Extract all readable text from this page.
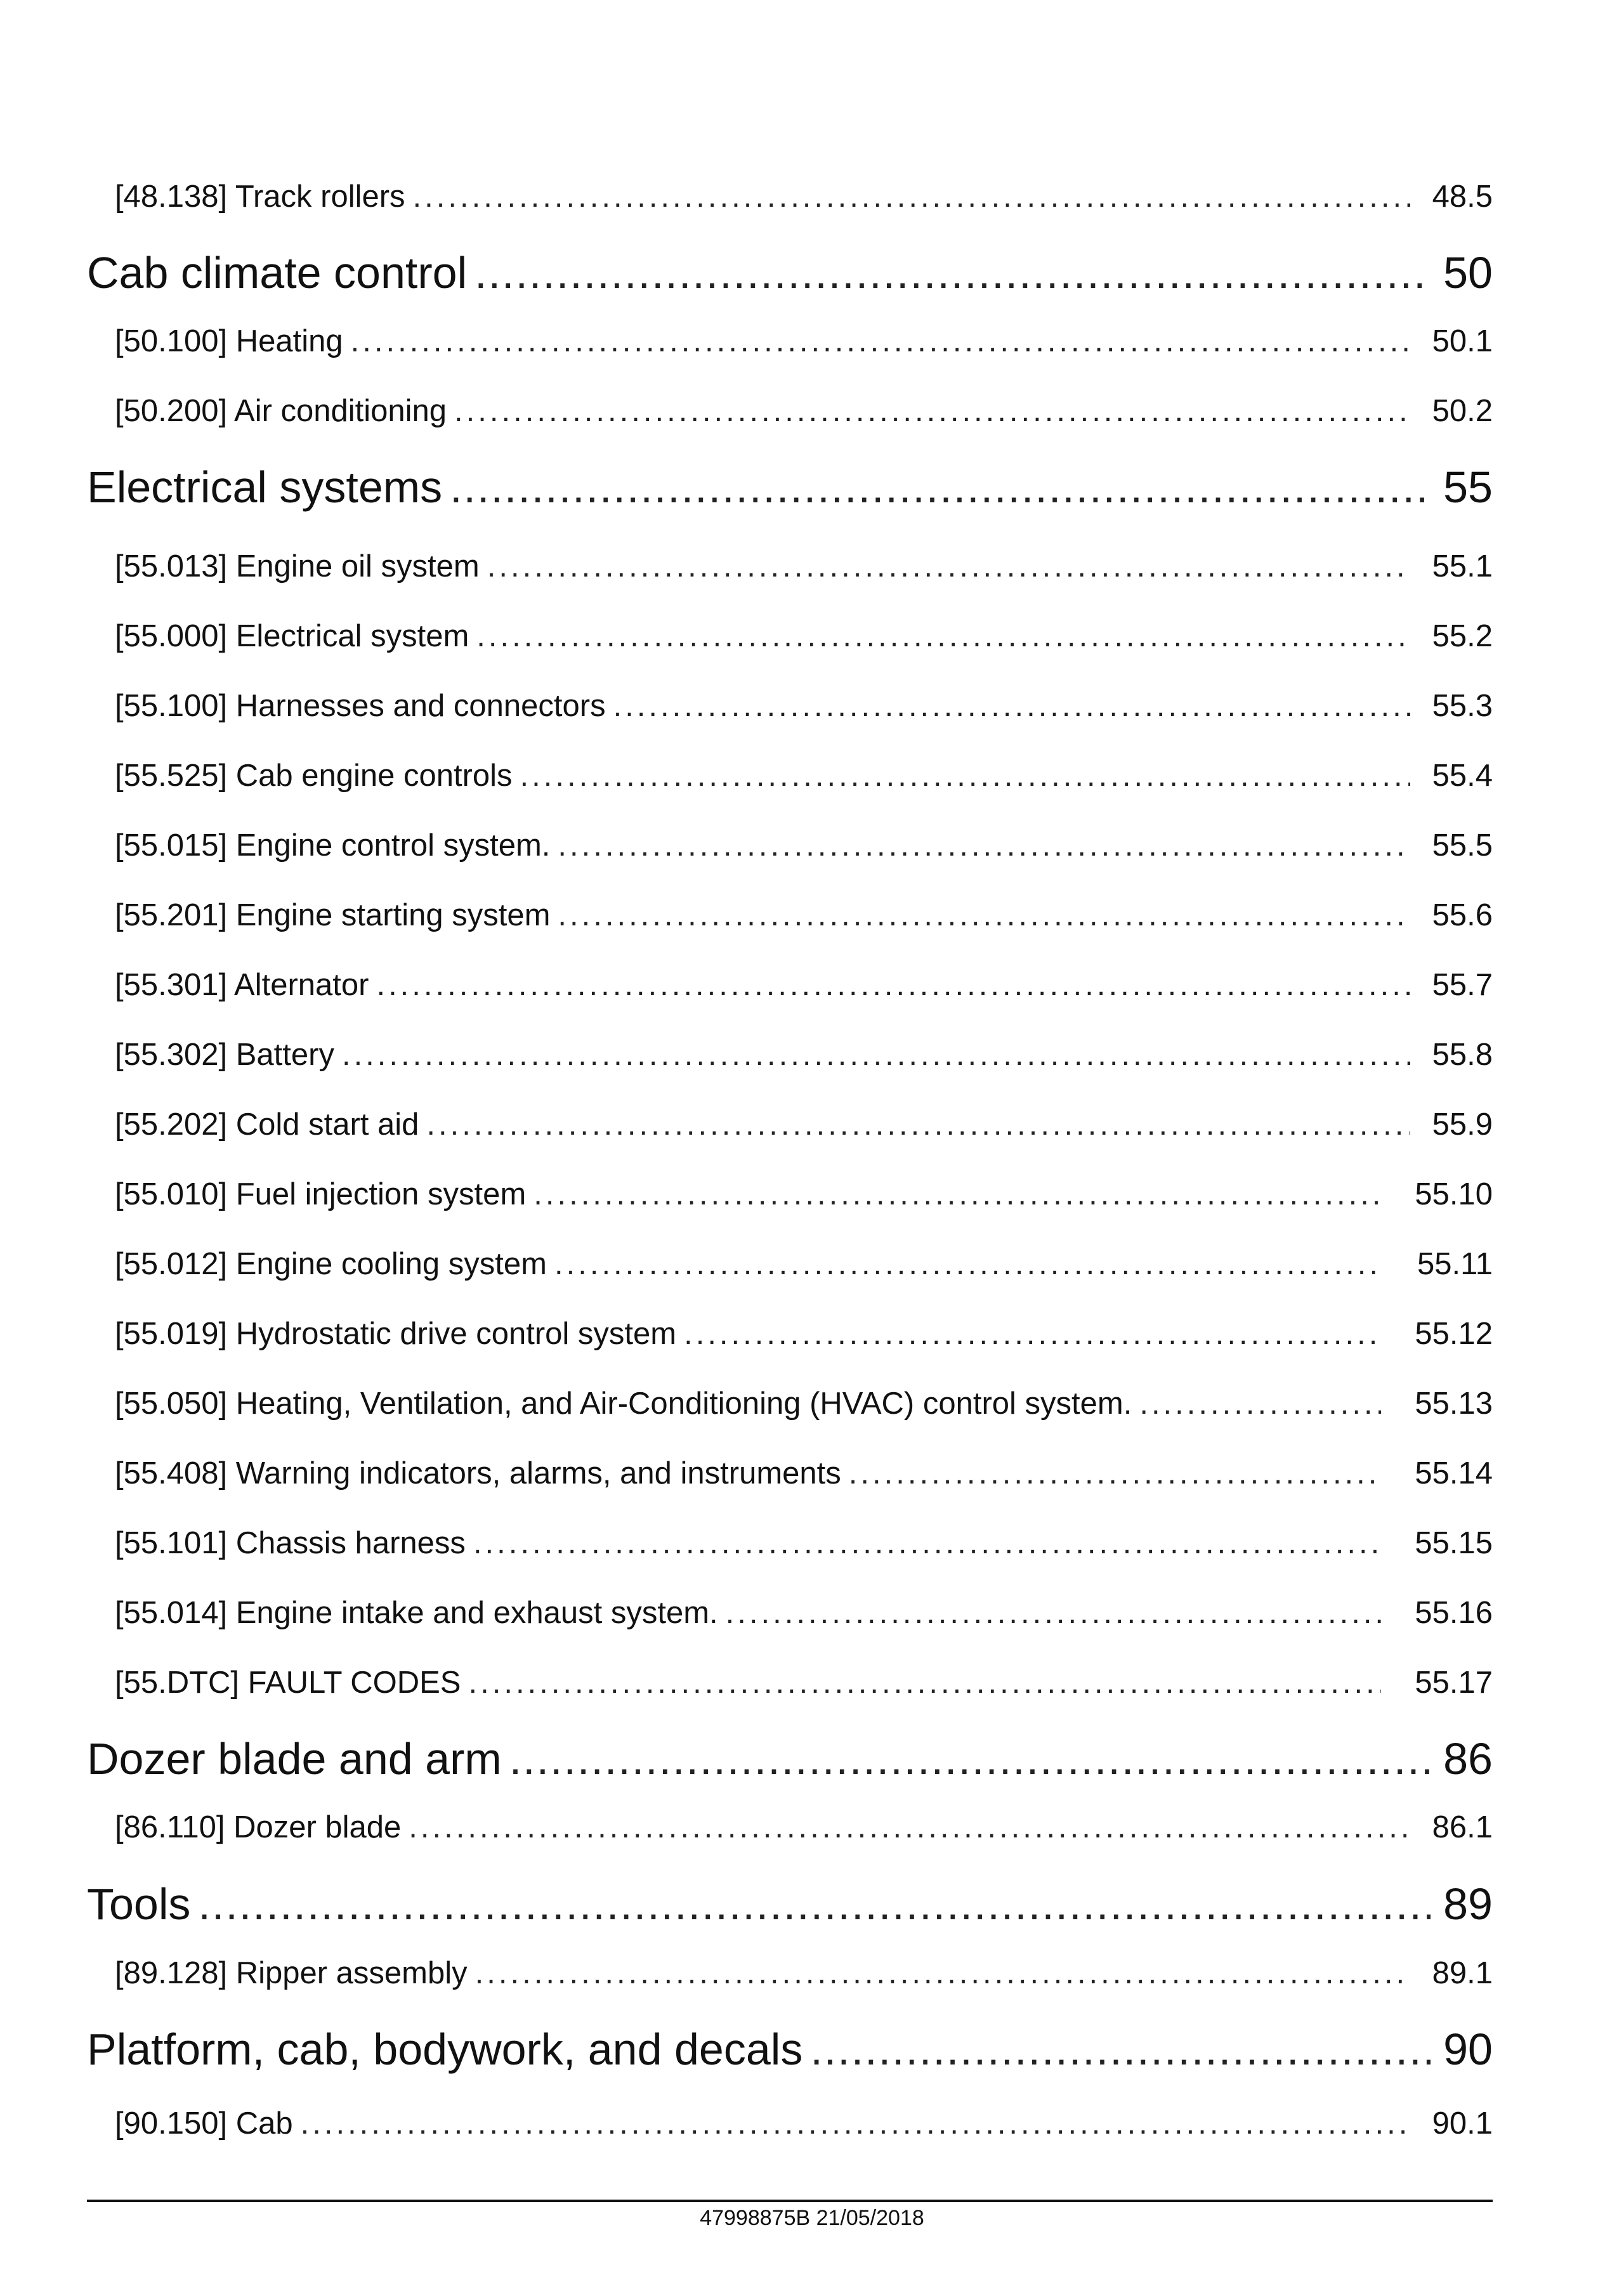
[48.138] Track rollers .....	48.5
Cab climate control .....	50
[50.100] Heating .....	50.1
[50.200] Air conditioning .....	50.2
Electrical systems .....	55
[55.013] Engine oil system .....	55.1
[55.000] Electrical system .....	55.2
[55.100] Harnesses and connectors .....	55.3
[55.525] Cab engine controls .....	55.4
[55.015] Engine control system. .....	55.5
[55.201] Engine starting system .....	55.6
[55.301] Alternator .....	55.7
[55.302] Battery .....	55.8
[55.202] Cold start aid .....	55.9
[55.010] Fuel injection system .....	55.10
[55.012] Engine cooling system .....	55.11
[55.019] Hydrostatic drive control system .....	55.12
[55.050] Heating, Ventilation, and Air-Conditioning (HVAC) control system. .....	55.13
[55.408] Warning indicators, alarms, and instruments .....	55.14
[55.101] Chassis harness .....	55.15
[55.014] Engine intake and exhaust system. .....	55.16
[55.DTC] FAULT CODES .....	55.17
Dozer blade and arm .....	86
[86.110] Dozer blade .....	86.1
Tools .....	89
[89.128] Ripper assembly .....	89.1
Platform, cab, bodywork, and decals .....	90
[90.150] Cab .....	90.1
47998875B 21/05/2018
